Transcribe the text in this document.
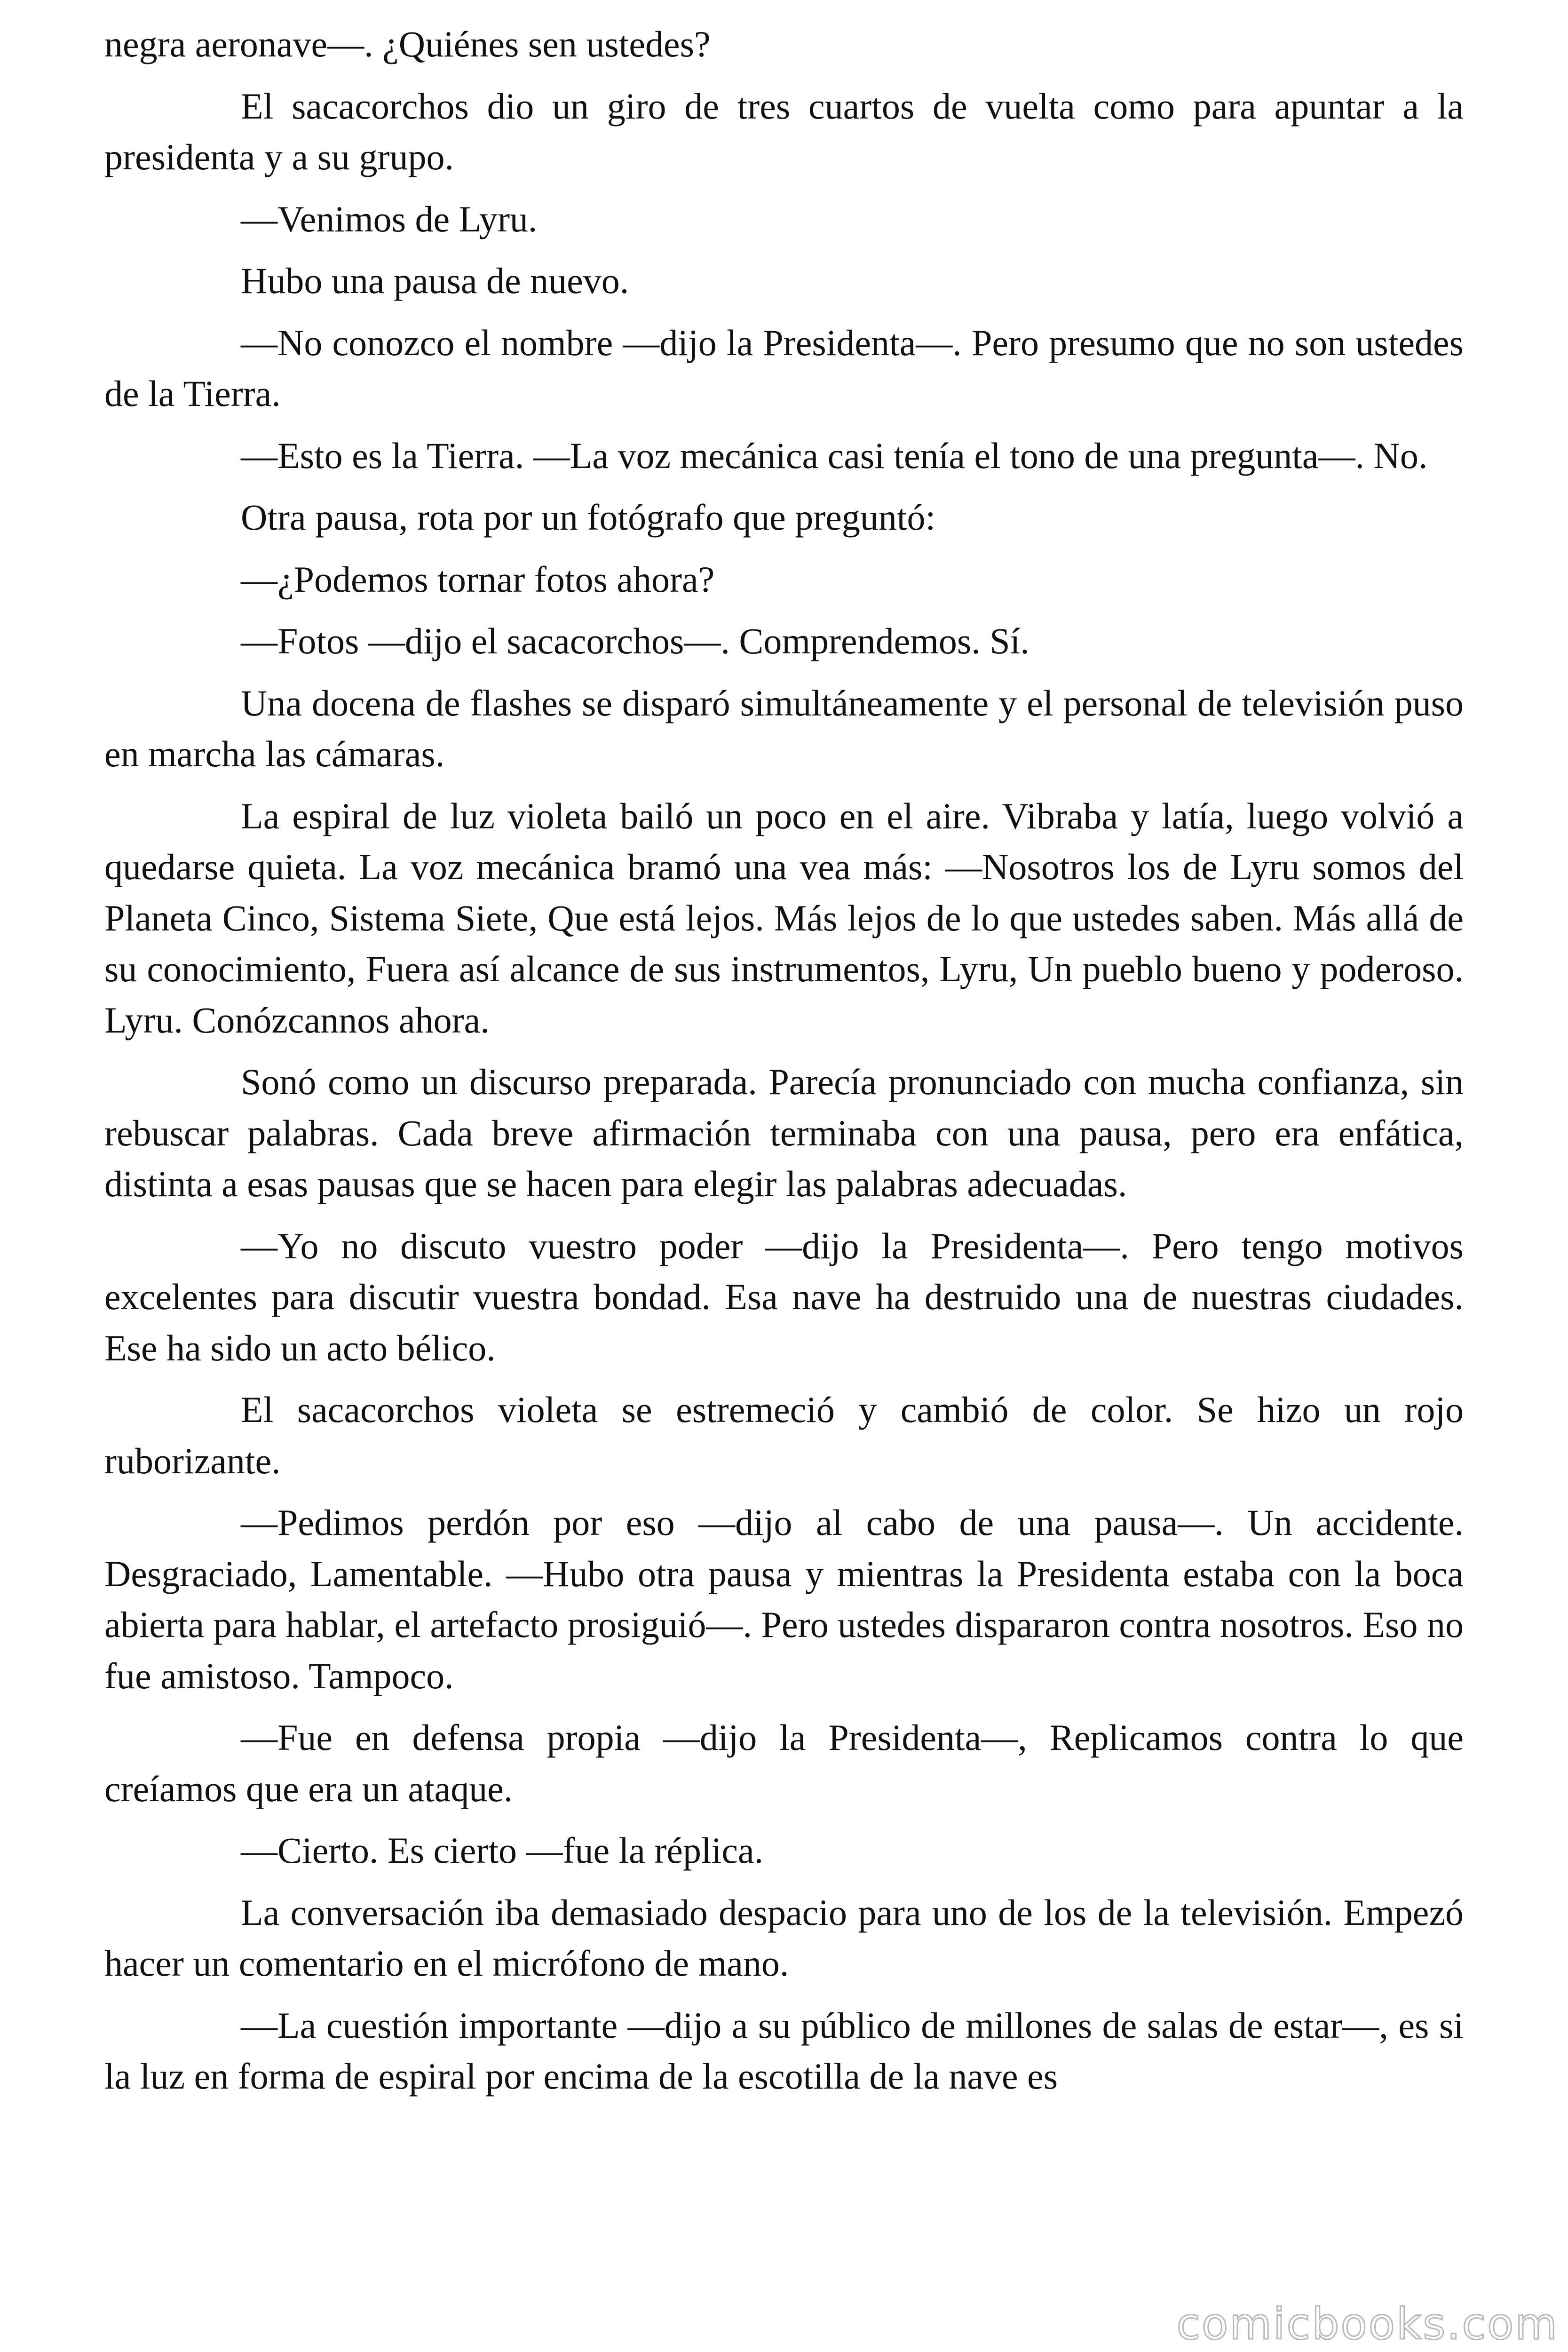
negra aeronave—. ¿Quiénes sen ustedes?

El sacacorchos dio un giro de tres cuartos de vuelta como para apuntar a la presidenta y a su grupo.

—Venimos de Lyru.

Hubo una pausa de nuevo.

—No conozco el nombre —dijo la Presidenta—. Pero presumo que no son ustedes de la Tierra.

—Esto es la Tierra. —La voz mecánica casi tenía el tono de una pregunta—. No.

Otra pausa, rota por un fotógrafo que preguntó:

—¿Podemos tornar fotos ahora?

—Fotos —dijo el sacacorchos—. Comprendemos. Sí.

Una docena de flashes se disparó simultáneamente y el personal de televisión puso en marcha las cámaras.

La espiral de luz violeta bailó un poco en el aire. Vibraba y latía, luego volvió a quedarse quieta. La voz mecánica bramó una vea más: —Nosotros los de Lyru somos del Planeta Cinco, Sistema Siete, Que está lejos. Más lejos de lo que ustedes saben. Más allá de su conocimiento, Fuera así alcance de sus instrumentos, Lyru, Un pueblo bueno y poderoso. Lyru. Conózcannos ahora.

Sonó como un discurso preparada. Parecía pronunciado con mucha confianza, sin rebuscar palabras. Cada breve afirmación terminaba con una pausa, pero era enfática, distinta a esas pausas que se hacen para elegir las palabras adecuadas.

—Yo no discuto vuestro poder —dijo la Presidenta—. Pero tengo motivos excelentes para discutir vuestra bondad. Esa nave ha destruido una de nuestras ciudades. Ese ha sido un acto bélico.

El sacacorchos violeta se estremeció y cambió de color. Se hizo un rojo ruborizante.

—Pedimos perdón por eso —dijo al cabo de una pausa—. Un accidente. Desgraciado, Lamentable. —Hubo otra pausa y mientras la Presidenta estaba con la boca abierta para hablar, el artefacto prosiguió—. Pero ustedes dispararon contra nosotros. Eso no fue amistoso. Tampoco.

—Fue en defensa propia —dijo la Presidenta—, Replicamos contra lo que creíamos que era un ataque.

—Cierto. Es cierto —fue la réplica.

La conversación iba demasiado despacio para uno de los de la televisión. Empezó hacer un comentario en el micrófono de mano.

—La cuestión importante —dijo a su público de millones de salas de estar—, es si la luz en forma de espiral por encima de la escotilla de la nave es

comicbooks.com
